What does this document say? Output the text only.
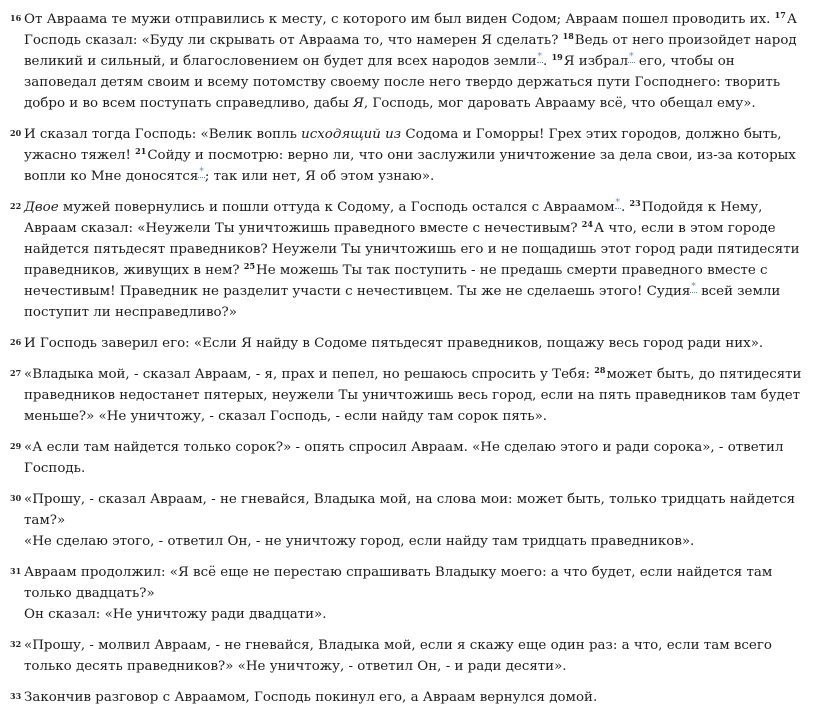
16 От Авраама те мужи отправились к месту, с которого им был виден Содом; Авраам пошел проводить их. $^{17}$А Господь сказал: «Буду ли скрывать от Авраама то, что намерен Я сделать? $^{18}$Ведь от него произойдет народ великий и сильный, и благословением он будет для всех народов земли*. $^{19}$Я избрал* его, чтобы он заповедал детям своим и всему потомству своему после него твердо держаться пути Господнего: творить добро и во всем поступать справедливо, дабы Я, Господь, мог даровать Аврааму всё, что обещал ему».

20 И сказал тогда Господь: «Велик вопль исходящий из Содома и Гоморры! Грех этих городов, должно быть, ужасно тяжел! $^{21}$Сойду и посмотрю: верно ли, что они заслужили уничтожение за дела свои, из-за которых вопли ко Мне доносятся*; так или нет, Я об этом узнаю».

22 Двое мужей повернулись и пошли оттуда к Содому, а Господь остался с Авраамом*. $^{23}$Подойдя к Нему, Авраам сказал: «Неужели Ты уничтожишь праведного вместе с нечестивым? $^{24}$А что, если в этом городе найдется пятьдесят праведников? Неужели Ты уничтожишь его и не пощадишь этот город ради пятидесяти праведников, живущих в нем? $^{25}$Не можешь Ты так поступить - не предашь смерти праведного вместе с нечестивым! Праведник не разделит участи с нечестивцем. Ты же не сделаешь этого! Судия* всей земли поступит ли несправедливо?»

26 И Господь заверил его: «Если Я найду в Содоме пятьдесят праведников, пощажу весь город ради них».

27 «Владыка мой, - сказал Авраам, - я, прах и пепел, но решаюсь спросить у Тебя: $^{28}$может быть, до пятидесяти праведников недостанет пятерых, неужели Ты уничтожишь весь город, если на пять праведников там будет меньше?» «Не уничтожу, - сказал Господь, - если найду там сорок пять».

29 «А если там найдется только сорок?» - опять спросил Авраам. «Не сделаю этого и ради сорока», - ответил Господь.

30 «Прошу, - сказал Авраам, - не гневайся, Владыка мой, на слова мои: может быть, только тридцать найдется там?»
«Не сделаю этого, - ответил Он, - не уничтожу город, если найду там тридцать праведников».

31 Авраам продолжил: «Я всё еще не перестаю спрашивать Владыку моего: а что будет, если найдется там только двадцать?»
Он сказал: «Не уничтожу ради двадцати».

32 «Прошу, - молвил Авраам, - не гневайся, Владыка мой, если я скажу еще один раз: а что, если там всего только десять праведников?» «Не уничтожу, - ответил Он, - и ради десяти».

33 Закончив разговор с Авраамом, Господь покинул его, а Авраам вернулся домой.
